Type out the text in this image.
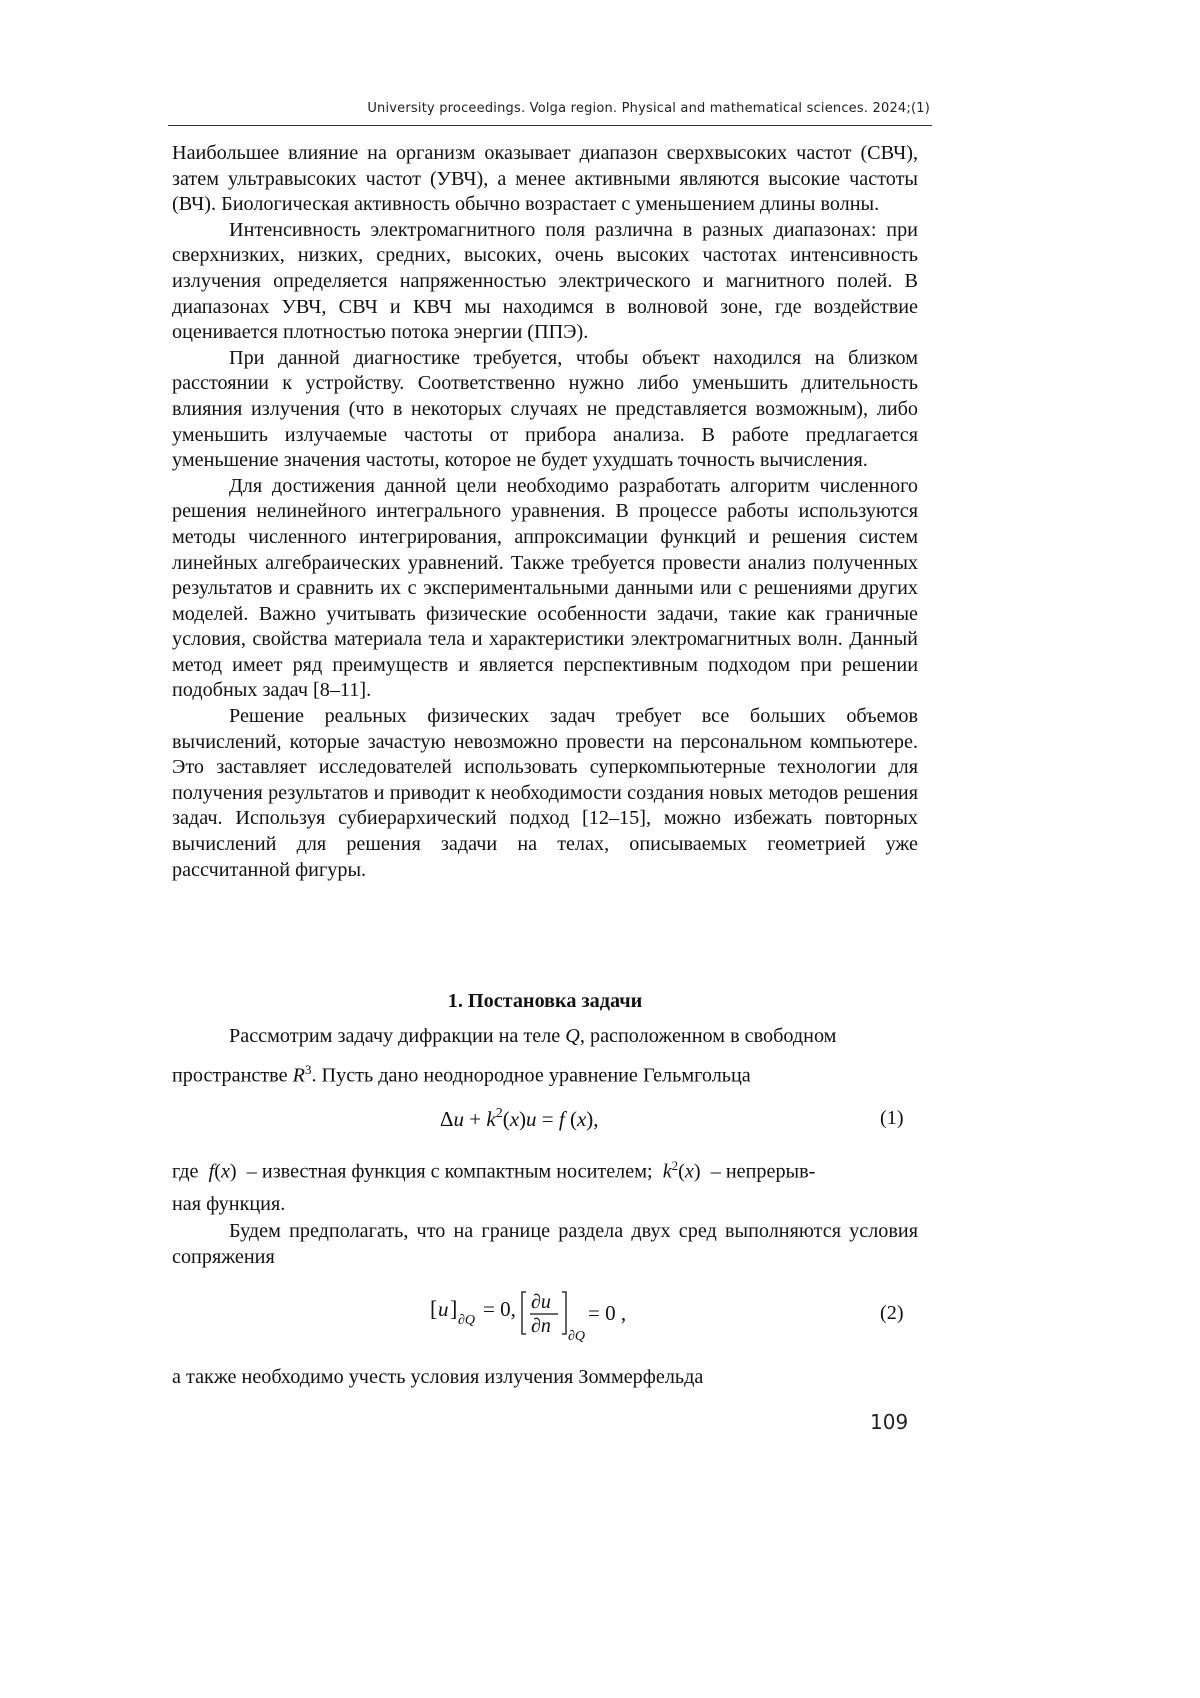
University proceedings. Volga region. Physical and mathematical sciences. 2024;(1)

Наибольшее влияние на организм оказывает диапазон сверхвысоких частот (СВЧ), затем ультравысоких частот (УВЧ), а менее активными являются высокие частоты (ВЧ). Биологическая активность обычно возрастает с уменьшением длины волны.

Интенсивность электромагнитного поля различна в разных диапазонах: при сверхнизких, низких, средних, высоких, очень высоких частотах интенсивность излучения определяется напряженностью электрического и магнитного полей. В диапазонах УВЧ, СВЧ и КВЧ мы находимся в волновой зоне, где воздействие оценивается плотностью потока энергии (ППЭ).

При данной диагностике требуется, чтобы объект находился на близком расстоянии к устройству. Соответственно нужно либо уменьшить длительность влияния излучения (что в некоторых случаях не представляется возможным), либо уменьшить излучаемые частоты от прибора анализа. В работе предлагается уменьшение значения частоты, которое не будет ухудшать точность вычисления.

Для достижения данной цели необходимо разработать алгоритм численного решения нелинейного интегрального уравнения. В процессе работы используются методы численного интегрирования, аппроксимации функций и решения систем линейных алгебраических уравнений. Также требуется провести анализ полученных результатов и сравнить их с экспериментальными данными или с решениями других моделей. Важно учитывать физические особенности задачи, такие как граничные условия, свойства материала тела и характеристики электромагнитных волн. Данный метод имеет ряд преимуществ и является перспективным подходом при решении подобных задач [8–11].

Решение реальных физических задач требует все больших объемов вычислений, которые зачастую невозможно провести на персональном компьютере. Это заставляет исследователей использовать суперкомпьютерные технологии для получения результатов и приводит к необходимости создания новых методов решения задач. Используя субиерархический подход [12–15], можно избежать повторных вычислений для решения задачи на телах, описываемых геометрией уже рассчитанной фигуры.

1. Постановка задачи
Рассмотрим задачу дифракции на теле Q, расположенном в свободном
пространстве $R^3$. Пусть дано неоднородное уравнение Гельмгольца
$\Delta u + k^2(x)u = f$ (x),	(1)
где f(x)  – известная функция с компактным носителем; $k^2(x)$  – непрерыв-
ная функция.
Будем предполагать, что на границе раздела двух сред выполняются условия сопряжения
[ u ] ∂Q = 0, ∂u
∂n ∂Q
= 0 ,	(2)
а также необходимо учесть условия излучения Зоммерфельда
109
